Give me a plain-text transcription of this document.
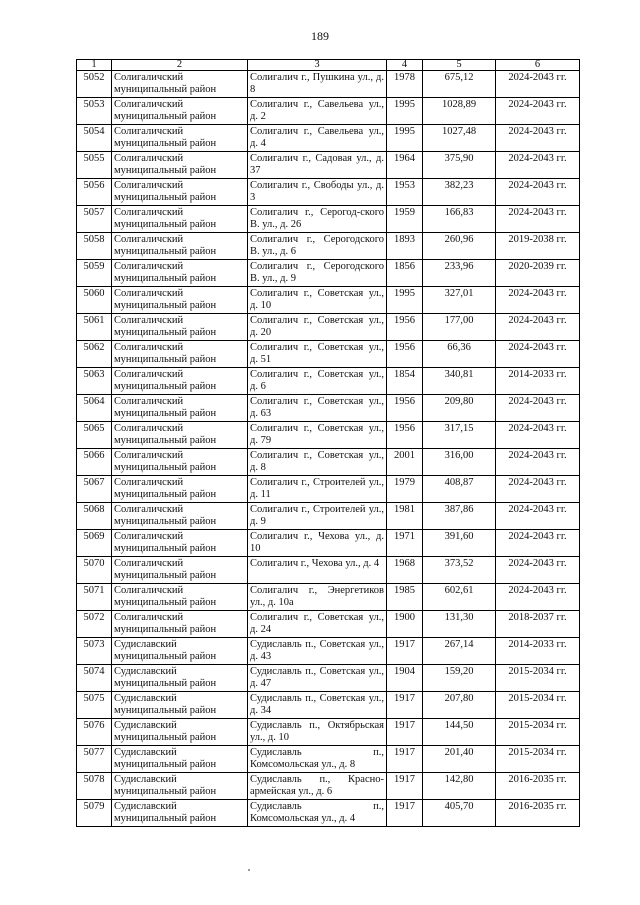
189
1	2	3	4	5	6
5052	Солигаличский муниципальный район	Солигалич г., Пушкина ул., д. 8	1978	675,12	2024-2043 гг.
5053	Солигаличский муниципальный район	Солигалич г., Савельева ул., д. 2	1995	1028,89	2024-2043 гг.
5054	Солигаличский муниципальный район	Солигалич г., Савельева ул., д. 4	1995	1027,48	2024-2043 гг.
5055	Солигаличский муниципальный район	Солигалич г., Садовая ул., д. 37	1964	375,90	2024-2043 гг.
5056	Солигаличский муниципальный район	Солигалич г., Свободы ул., д. 3	1953	382,23	2024-2043 гг.
5057	Солигаличский муниципальный район	Солигалич г., Серогод-ского В. ул., д. 26	1959	166,83	2024-2043 гг.
5058	Солигаличский муниципальный район	Солигалич г., Серогодского В. ул., д. 6	1893	260,96	2019-2038 гг.
5059	Солигаличский муниципальный район	Солигалич г., Серогодского В. ул., д. 9	1856	233,96	2020-2039 гг.
5060	Солигаличский муниципальный район	Солигалич г., Советская ул., д. 10	1995	327,01	2024-2043 гг.
5061	Солигаличский муниципальный район	Солигалич г., Советская ул., д. 20	1956	177,00	2024-2043 гг.
5062	Солигаличский муниципальный район	Солигалич г., Советская ул., д. 51	1956	66,36	2024-2043 гг.
5063	Солигаличский муниципальный район	Солигалич г., Советская ул., д. 6	1854	340,81	2014-2033 гг.
5064	Солигаличский муниципальный район	Солигалич г., Советская ул., д. 63	1956	209,80	2024-2043 гг.
5065	Солигаличский муниципальный район	Солигалич г., Советская ул., д. 79	1956	317,15	2024-2043 гг.
5066	Солигаличский муниципальный район	Солигалич г., Советская ул., д. 8	2001	316,00	2024-2043 гг.
5067	Солигаличский муниципальный район	Солигалич г., Строителей ул., д. 11	1979	408,87	2024-2043 гг.
5068	Солигаличский муниципальный район	Солигалич г., Строителей ул., д. 9	1981	387,86	2024-2043 гг.
5069	Солигаличский муниципальный район	Солигалич г., Чехова ул., д. 10	1971	391,60	2024-2043 гг.
5070	Солигаличский муниципальный район	Солигалич г., Чехова ул., д. 4	1968	373,52	2024-2043 гг.
5071	Солигаличский муниципальный район	Солигалич г., Энергетиков ул., д. 10а	1985	602,61	2024-2043 гг.
5072	Солигаличский муниципальный район	Солигалич г., Советская ул., д. 24	1900	131,30	2018-2037 гг.
5073	Судиславский муниципальный район	Судиславль п., Советская ул., д. 43	1917	267,14	2014-2033 гг.
5074	Судиславский муниципальный район	Судиславль п., Советская ул., д. 47	1904	159,20	2015-2034 гг.
5075	Судиславский муниципальный район	Судиславль п., Советская ул., д. 34	1917	207,80	2015-2034 гг.
5076	Судиславский муниципальный район	Судиславль п., Октябрьская ул., д. 10	1917	144,50	2015-2034 гг.
5077	Судиславский муниципальный район	Судиславль п., Комсомольская ул., д. 8	1917	201,40	2015-2034 гг.
5078	Судиславский муниципальный район	Судиславль п., Красно-армейская ул., д. 6	1917	142,80	2016-2035 гг.
5079	Судиславский муниципальный район	Судиславль п., Комсомольская ул., д. 4	1917	405,70	2016-2035 гг.
